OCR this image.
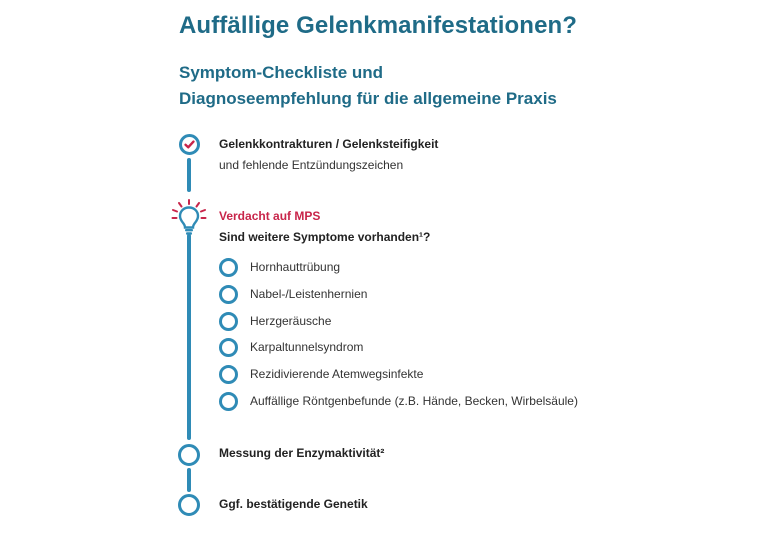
Auffällige Gelenkmanifestationen?
Symptom-Checkliste und
Diagnoseempfehlung für die allgemeine Praxis
Gelenkkontrakturen / Gelenksteifigkeit
und fehlende Entzündungszeichen
Verdacht auf MPS
Sind weitere Symptome vorhanden¹?
Hornhauttrübung
Nabel-/Leistenhernien
Herzgeräusche
Karpaltunnelsyndrom
Rezidivierende Atemwegsinfekte
Auffällige Röntgenbefunde (z.B. Hände, Becken, Wirbelsäule)
Messung der Enzymaktivität²
Ggf. bestätigende Genetik
